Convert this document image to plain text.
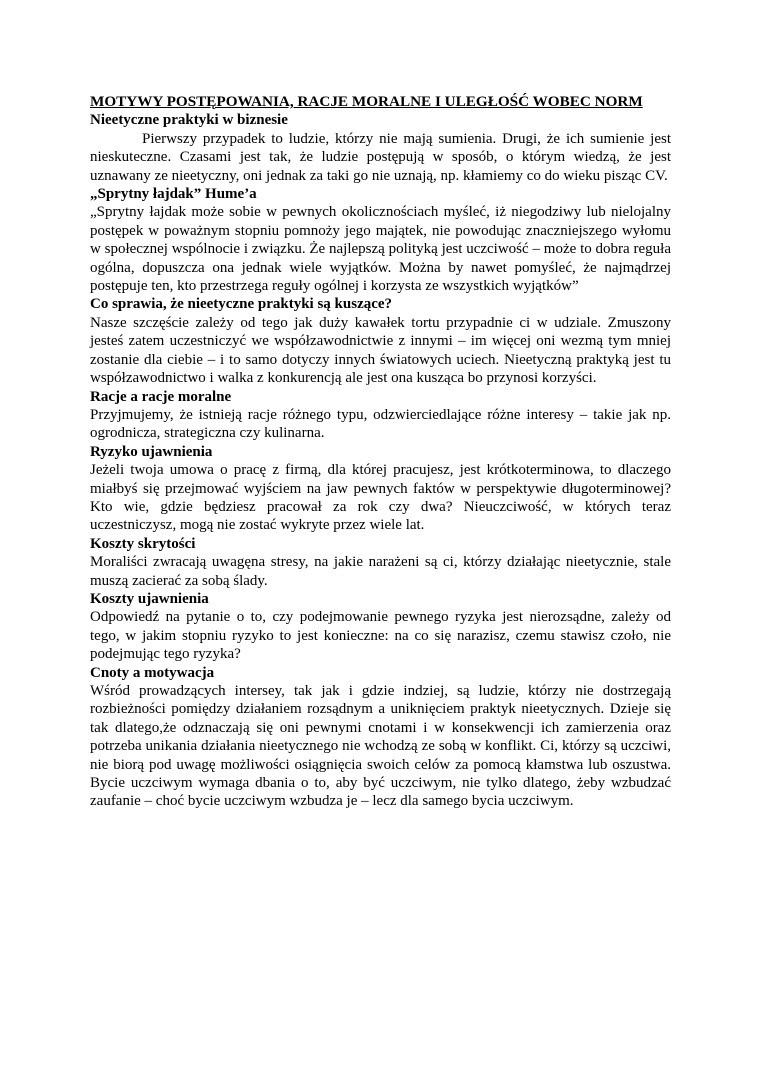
MOTYWY POSTĘPOWANIA, RACJE MORALNE I ULEGŁOŚĆ WOBEC NORM
Nieetyczne praktyki w biznesie

Pierwszy przypadek to ludzie, którzy nie mają sumienia. Drugi, że ich sumienie jest nieskuteczne. Czasami jest tak, że ludzie postępują w sposób, o którym wiedzą, że jest uznawany ze nieetyczny, oni jednak za taki go nie uznają, np. kłamiemy co do wieku pisząc CV.

„Sprytny łajdak” Hume’a

„Sprytny łajdak może sobie w pewnych okolicznościach myśleć, iż niegodziwy lub nielojalny postępek w poważnym stopniu pomnoży jego majątek, nie powodując znaczniejszego wyłomu w społecznej wspólnocie i związku. Że najlepszą polityką jest uczciwość – może to dobra reguła ogólna, dopuszcza ona jednak wiele wyjątków. Można by nawet pomyśleć, że najmądrzej postępuje ten, kto przestrzega reguły ogólnej i korzysta ze wszystkich wyjątków”

Co sprawia, że nieetyczne praktyki są kuszące?

Nasze szczęście zależy od tego jak duży kawałek tortu przypadnie ci w udziale. Zmuszony jesteś zatem uczestniczyć we współzawodnictwie z innymi – im więcej oni wezmą tym mniej zostanie dla ciebie – i to samo dotyczy innych światowych uciech. Nieetyczną praktyką jest tu współzawodnictwo i walka z konkurencją ale jest ona kusząca bo przynosi korzyści.

Racje a racje moralne

Przyjmujemy, że istnieją racje różnego typu, odzwierciedlające różne interesy – takie jak np. ogrodnicza, strategiczna czy kulinarna.

Ryzyko ujawnienia

Jeżeli twoja umowa o pracę z firmą, dla której pracujesz, jest krótkoterminowa, to dlaczego miałbyś się przejmować wyjściem na jaw pewnych faktów w perspektywie długoterminowej? Kto wie, gdzie będziesz pracował za rok czy dwa? Nieuczciwość, w których teraz uczestniczysz, mogą nie zostać wykryte przez wiele lat.

Koszty skrytości

Moraliści zwracają uwagęna stresy, na jakie narażeni są ci, którzy działając nieetycznie, stale muszą zacierać za sobą ślady.

Koszty ujawnienia

Odpowiedź na pytanie o to, czy podejmowanie pewnego ryzyka jest nierozsądne, zależy od tego, w jakim stopniu ryzyko to jest konieczne: na co się narazisz, czemu stawisz czoło, nie podejmując tego ryzyka?

Cnoty a motywacja

Wśród prowadzących intersey, tak jak i gdzie indziej, są ludzie, którzy nie dostrzegają rozbieżności pomiędzy działaniem rozsądnym a uniknięciem praktyk nieetycznych. Dzieje się tak dlatego,że odznaczają się oni pewnymi cnotami i w konsekwencji ich zamierzenia oraz potrzeba unikania działania nieetycznego nie wchodzą ze sobą w konflikt. Ci, którzy są uczciwi, nie biorą pod uwagę możliwości osiągnięcia swoich celów za pomocą kłamstwa lub oszustwa. Bycie uczciwym wymaga dbania o to, aby być uczciwym, nie tylko dlatego, żeby wzbudzać zaufanie – choć bycie uczciwym wzbudza je – lecz dla samego bycia uczciwym.
